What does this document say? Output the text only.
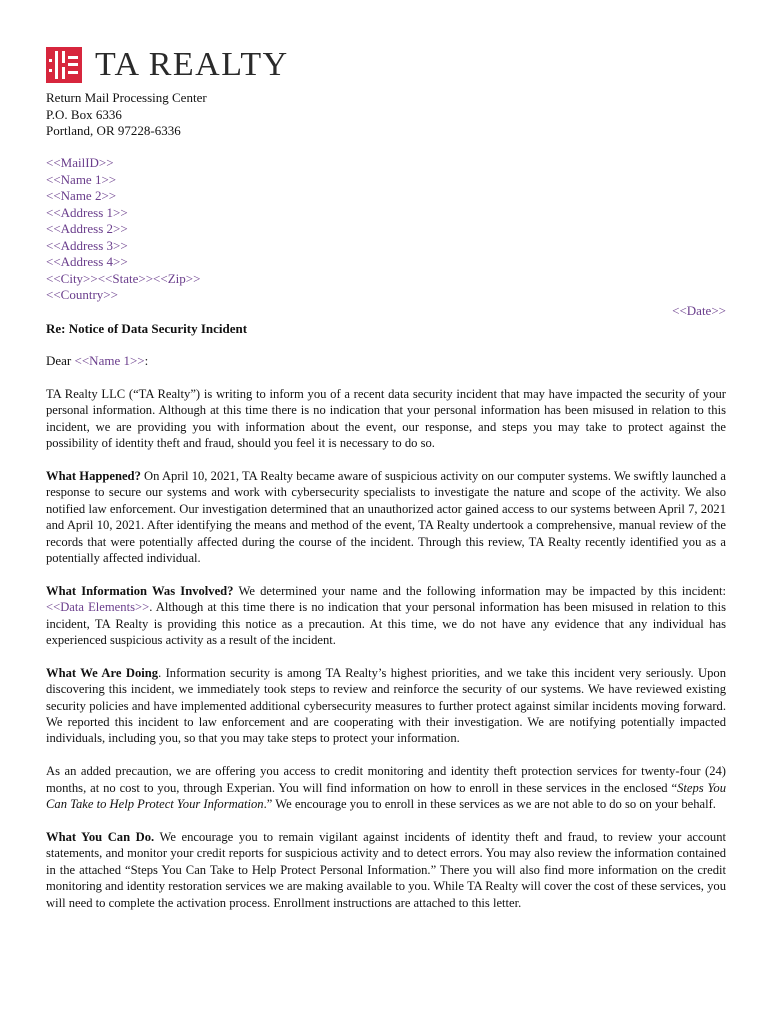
TA REALTY
Return Mail Processing Center
P.O. Box 6336
Portland, OR 97228-6336
<<MailID>>
<<Name 1>>
<<Name 2>>
<<Address 1>>
<<Address 2>>
<<Address 3>>
<<Address 4>>
<<City>><<State>><<Zip>>
<<Country>>
<<Date>>
Re: Notice of Data Security Incident
Dear <<Name 1>>:

TA Realty LLC (“TA Realty”) is writing to inform you of a recent data security incident that may have impacted the security of your personal information. Although at this time there is no indication that your personal information has been misused in relation to this incident, we are providing you with information about the event, our response, and steps you may take to protect against the possibility of identity theft and fraud, should you feel it is necessary to do so.

What Happened? On April 10, 2021, TA Realty became aware of suspicious activity on our computer systems. We swiftly launched a response to secure our systems and work with cybersecurity specialists to investigate the nature and scope of the activity. We also notified law enforcement. Our investigation determined that an unauthorized actor gained access to our systems between April 7, 2021 and April 10, 2021. After identifying the means and method of the event, TA Realty undertook a comprehensive, manual review of the records that were potentially affected during the course of the incident. Through this review, TA Realty recently identified you as a potentially affected individual.

What Information Was Involved? We determined your name and the following information may be impacted by this incident: <<Data Elements>>. Although at this time there is no indication that your personal information has been misused in relation to this incident, TA Realty is providing this notice as a precaution. At this time, we do not have any evidence that any individual has experienced suspicious activity as a result of the incident.

What We Are Doing. Information security is among TA Realty’s highest priorities, and we take this incident very seriously. Upon discovering this incident, we immediately took steps to review and reinforce the security of our systems. We have reviewed existing security policies and have implemented additional cybersecurity measures to further protect against similar incidents moving forward. We reported this incident to law enforcement and are cooperating with their investigation. We are notifying potentially impacted individuals, including you, so that you may take steps to protect your information.

As an added precaution, we are offering you access to credit monitoring and identity theft protection services for twenty-four (24) months, at no cost to you, through Experian. You will find information on how to enroll in these services in the enclosed “Steps You Can Take to Help Protect Your Information.” We encourage you to enroll in these services as we are not able to do so on your behalf.

What You Can Do. We encourage you to remain vigilant against incidents of identity theft and fraud, to review your account statements, and monitor your credit reports for suspicious activity and to detect errors. You may also review the information contained in the attached “Steps You Can Take to Help Protect Personal Information.” There you will also find more information on the credit monitoring and identity restoration services we are making available to you. While TA Realty will cover the cost of these services, you will need to complete the activation process. Enrollment instructions are attached to this letter.
